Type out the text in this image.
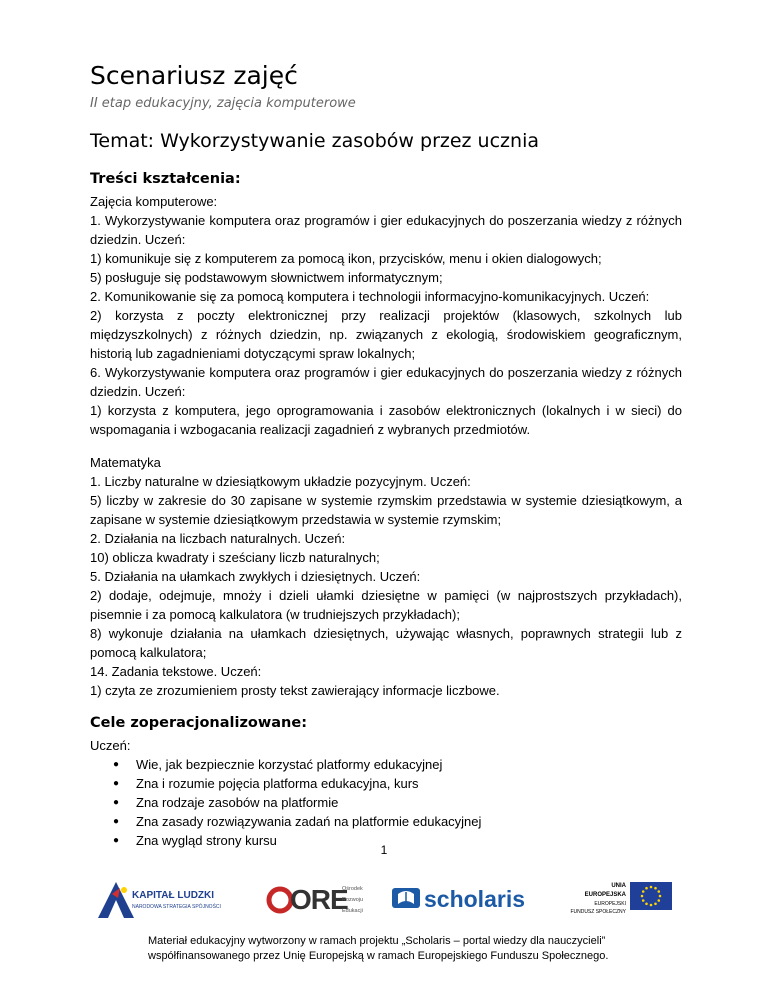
Scenariusz zajęć
II etap edukacyjny, zajęcia komputerowe
Temat: Wykorzystywanie zasobów przez ucznia
Treści kształcenia:

Zajęcia komputerowe:

1. Wykorzystywanie komputera oraz programów i gier edukacyjnych do poszerzania wiedzy z różnych dziedzin. Uczeń:

1) komunikuje się z komputerem za pomocą ikon, przycisków, menu i okien dialogowych;

5) posługuje się podstawowym słownictwem informatycznym;

2. Komunikowanie się za pomocą komputera i technologii informacyjno-komunikacyjnych. Uczeń:

2) korzysta z poczty elektronicznej przy realizacji projektów (klasowych, szkolnych lub międzyszkolnych) z różnych dziedzin, np. związanych z ekologią, środowiskiem geograficznym, historią lub zagadnieniami dotyczącymi spraw lokalnych;

6. Wykorzystywanie komputera oraz programów i gier edukacyjnych do poszerzania wiedzy z różnych dziedzin. Uczeń:

1) korzysta z komputera, jego oprogramowania i zasobów elektronicznych (lokalnych i w sieci) do wspomagania i wzbogacania realizacji zagadnień z wybranych przedmiotów.

Matematyka

1. Liczby naturalne w dziesiątkowym układzie pozycyjnym. Uczeń:

5) liczby w zakresie do 30 zapisane w systemie rzymskim przedstawia w systemie dziesiątkowym, a zapisane w systemie dziesiątkowym przedstawia w systemie rzymskim;

2. Działania na liczbach naturalnych. Uczeń:

10) oblicza kwadraty i sześciany liczb naturalnych;

5. Działania na ułamkach zwykłych i dziesiętnych. Uczeń:

2) dodaje, odejmuje, mnoży i dzieli ułamki dziesiętne w pamięci (w najprostszych przykładach), pisemnie i za pomocą kalkulatora (w trudniejszych przykładach);

8) wykonuje działania na ułamkach dziesiętnych, używając własnych, poprawnych strategii lub z pomocą kalkulatora;

14. Zadania tekstowe. Uczeń:

1) czyta ze zrozumieniem prosty tekst zawierający informacje liczbowe.

Cele zoperacjonalizowane:

Uczeń:

● Wie, jak bezpiecznie korzystać platformy edukacyjnej
● Zna i rozumie pojęcia platforma edukacyjna, kurs
● Zna rodzaje zasobów na platformie
● Zna zasady rozwiązywania zadań na platformie edukacyjnej
● Zna wygląd strony kursu
1
KAPITAŁ LUDZKI
NARODOWA STRATEGIA SPÓJNOŚCI ORE
Ośrodek
Rozwoju
Edukacji	scholaris	UNIA EUROPEJSKA
EUROPEJSKI
FUNDUSZ SPOŁECZNY
Materiał edukacyjny wytworzony w ramach projektu „Scholaris – portal wiedzy dla nauczycieli”
współfinansowanego przez Unię Europejską w ramach Europejskiego Funduszu Społecznego.
